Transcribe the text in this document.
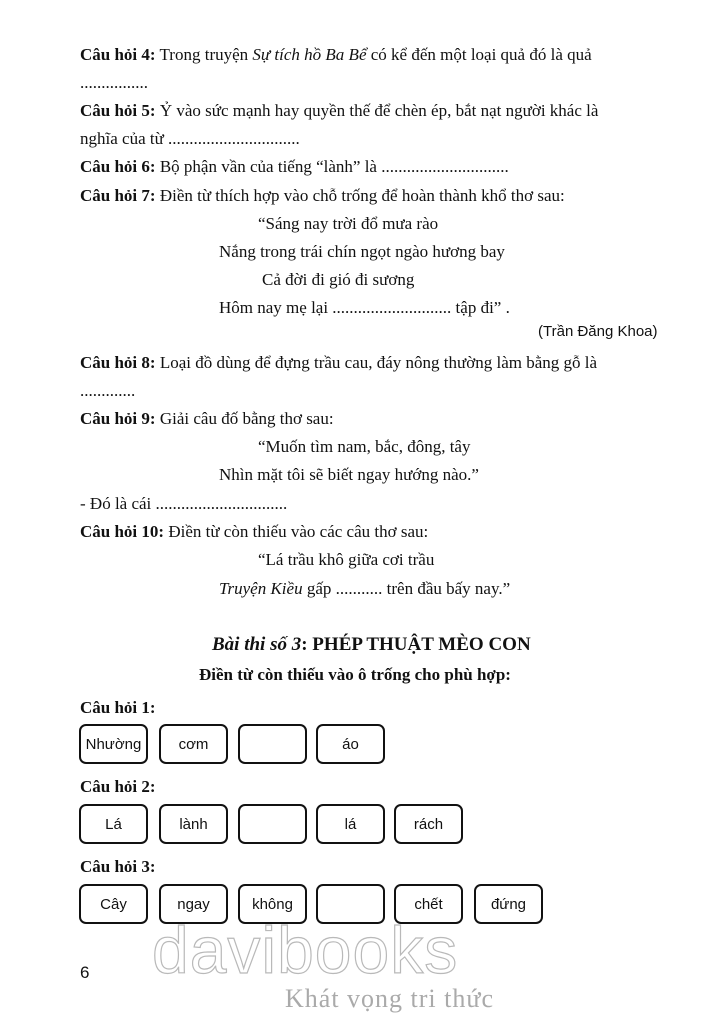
Câu hỏi 4: Trong truyện Sự tích hồ Ba Bể có kể đến một loại quả đó là quả
................
Câu hỏi 5: Ỷ vào sức mạnh hay quyền thế để chèn ép, bắt nạt người khác là
nghĩa của từ ...............................
Câu hỏi 6: Bộ phận vần của tiếng “lành” là ..............................
Câu hỏi 7: Điền từ thích hợp vào chỗ trống để hoàn thành khổ thơ sau:
“Sáng nay trời đổ mưa rào
Nắng trong trái chín ngọt ngào hương bay
Cả đời đi gió đi sương
Hôm nay mẹ lại ............................ tập đi” .
(Trần Đăng Khoa)
Câu hỏi 8: Loại đồ dùng để đựng trầu cau, đáy nông thường làm bằng gỗ là
.............
Câu hỏi 9: Giải câu đố bằng thơ sau:
“Muốn tìm nam, bắc, đông, tây
Nhìn mặt tôi sẽ biết ngay hướng nào.”
- Đó là cái ...............................
Câu hỏi 10: Điền từ còn thiếu vào các câu thơ sau:
“Lá trầu khô giữa cơi trầu
Truyện Kiều gấp ........... trên đầu bấy nay.”
Bài thi số 3: PHÉP THUẬT MÈO CON
Điền từ còn thiếu vào ô trống cho phù hợp:
Câu hỏi 1:
Nhường	cơm	áo
Câu hỏi 2:
Lá	lành	lá	rách
Câu hỏi 3:
Cây	ngay	không	chết	đứng
6 davibooks
Khát vọng tri thức
